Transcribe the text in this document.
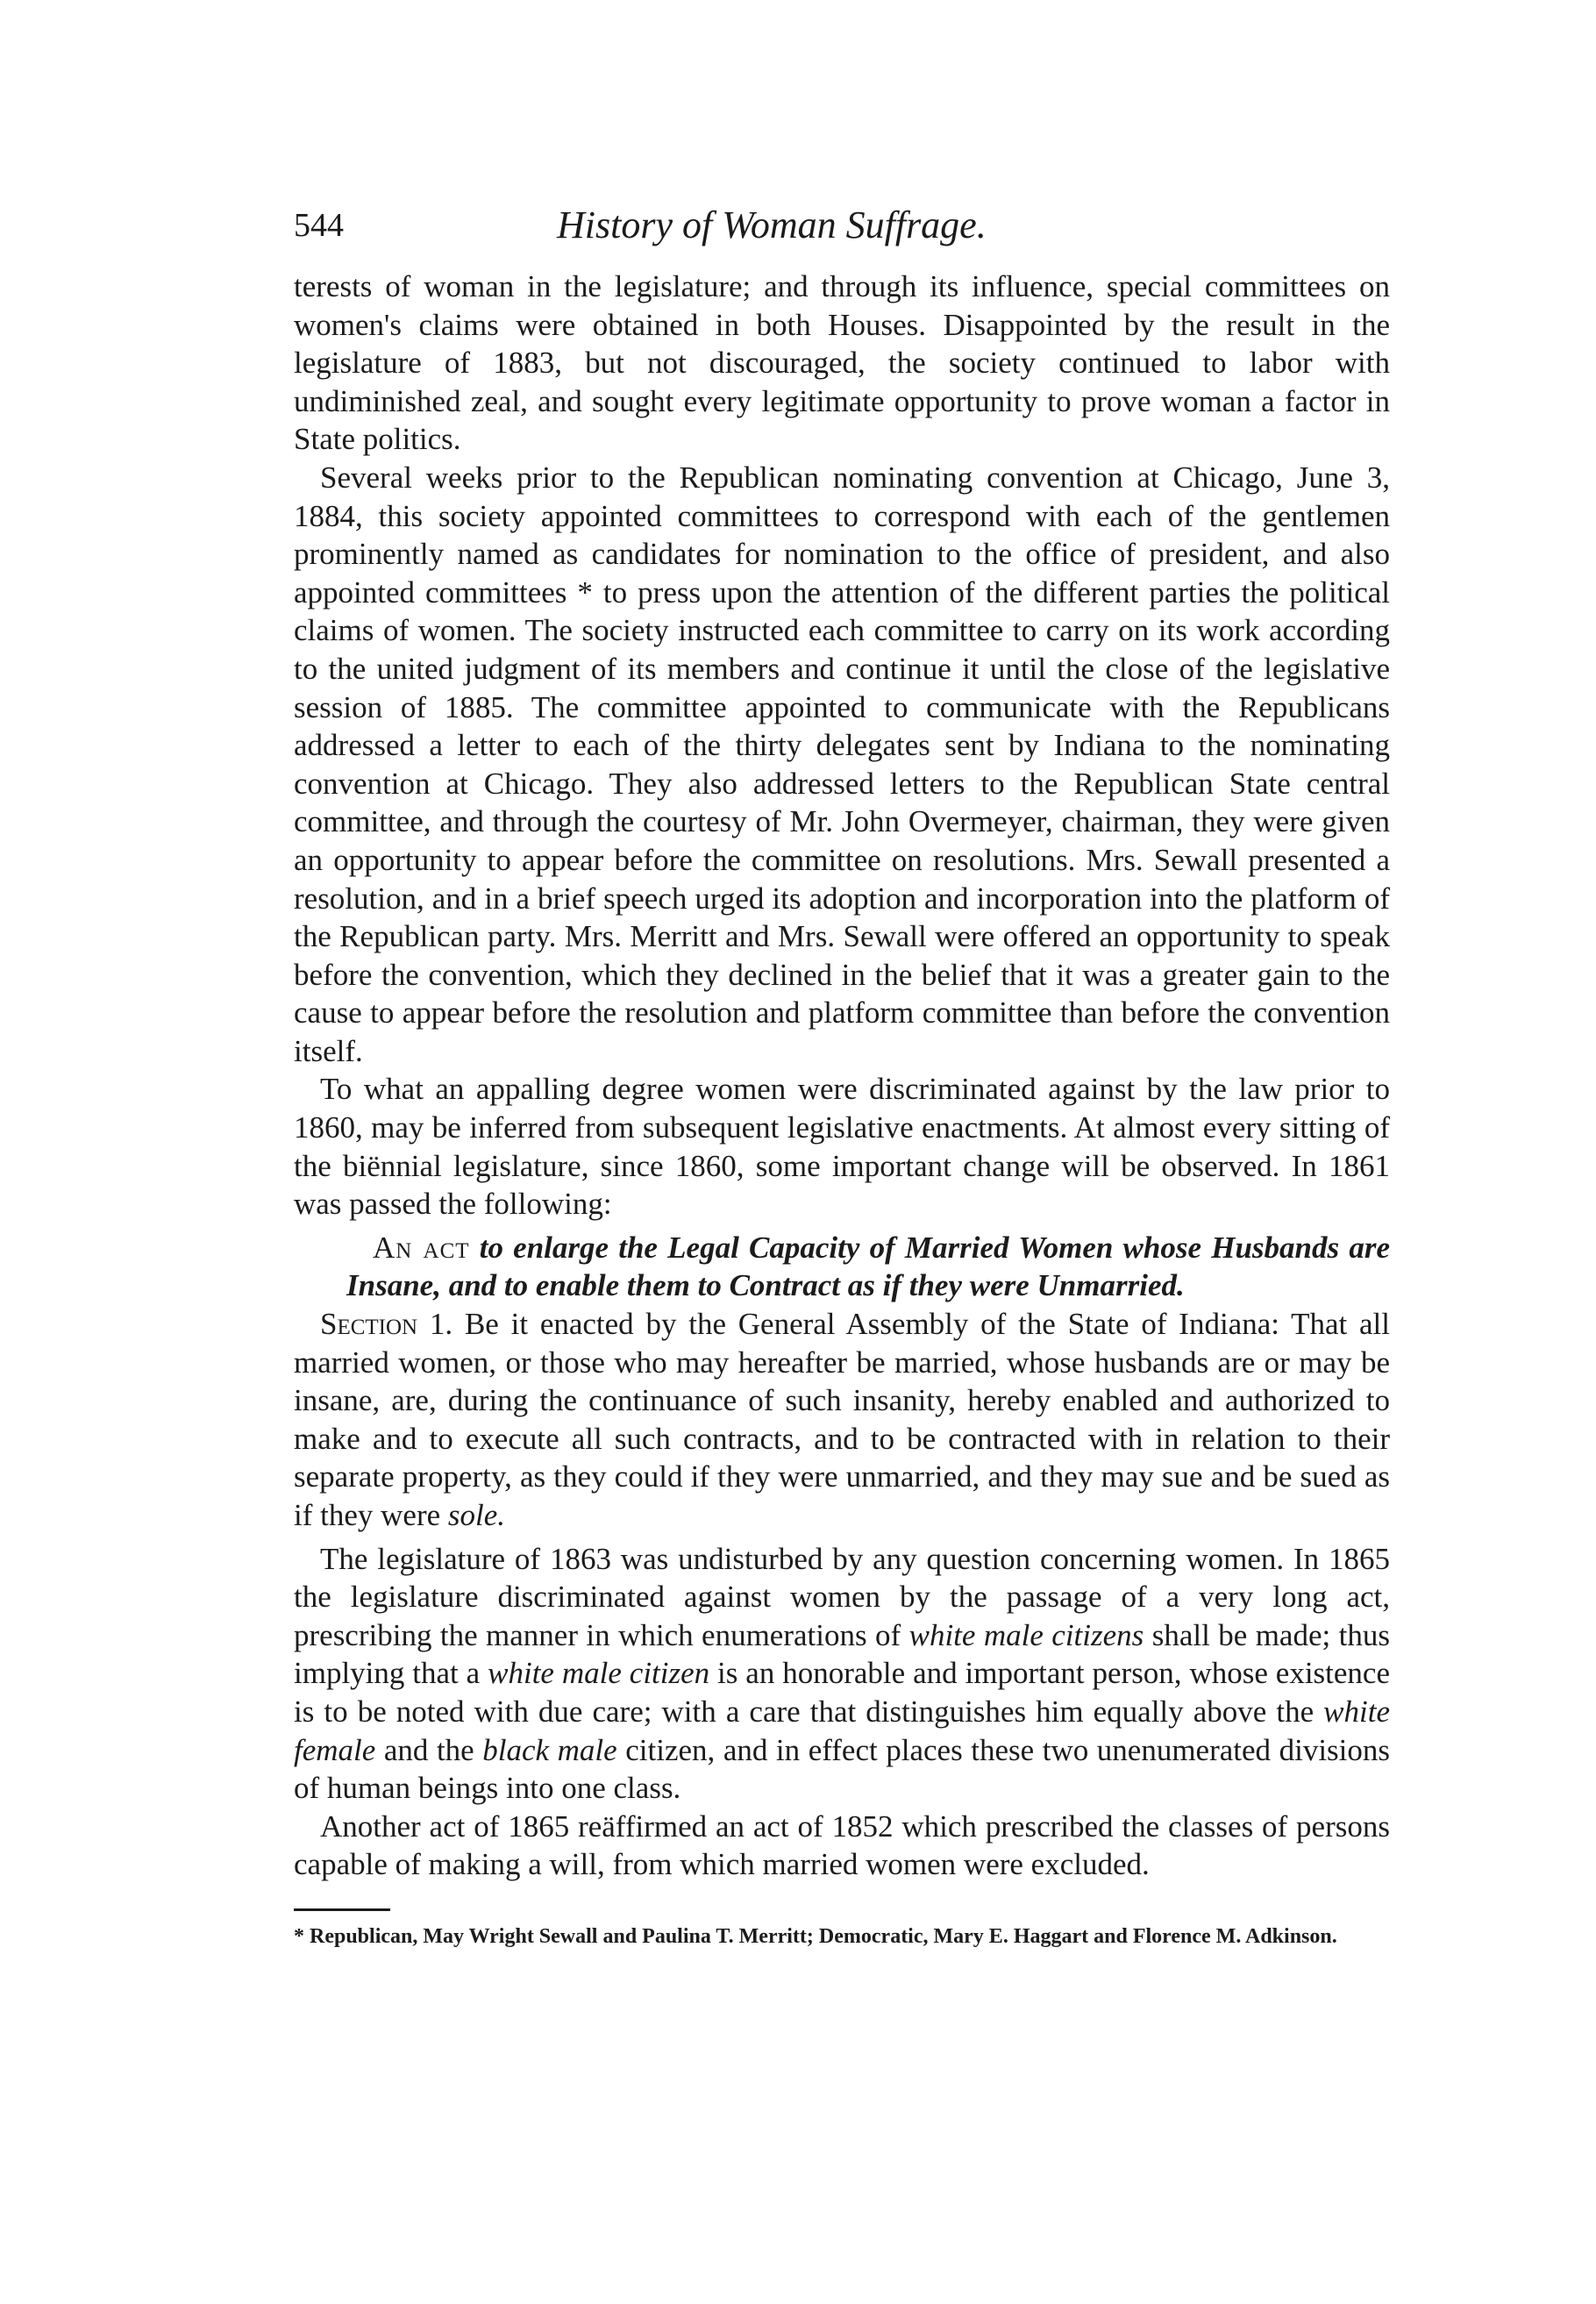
544	History of Woman Suffrage.

terests of woman in the legislature; and through its influence, special committees on women's claims were obtained in both Houses. Disappointed by the result in the legislature of 1883, but not discouraged, the society continued to labor with undiminished zeal, and sought every legitimate opportunity to prove woman a factor in State politics.

Several weeks prior to the Republican nominating convention at Chicago, June 3, 1884, this society appointed committees to correspond with each of the gentlemen prominently named as candidates for nomination to the office of president, and also appointed committees * to press upon the attention of the different parties the political claims of women. The society instructed each committee to carry on its work according to the united judgment of its members and continue it until the close of the legislative session of 1885. The committee appointed to communicate with the Republicans addressed a letter to each of the thirty delegates sent by Indiana to the nominating convention at Chicago. They also addressed letters to the Republican State central committee, and through the courtesy of Mr. John Overmeyer, chairman, they were given an opportunity to appear before the committee on resolutions. Mrs. Sewall presented a resolution, and in a brief speech urged its adoption and incorporation into the platform of the Republican party. Mrs. Merritt and Mrs. Sewall were offered an opportunity to speak before the convention, which they declined in the belief that it was a greater gain to the cause to appear before the resolution and platform committee than before the convention itself.

To what an appalling degree women were discriminated against by the law prior to 1860, may be inferred from subsequent legislative enactments. At almost every sitting of the biënnial legislature, since 1860, some important change will be observed. In 1861 was passed the following:

An act to enlarge the Legal Capacity of Married Women whose Husbands are Insane, and to enable them to Contract as if they were Unmarried.

Section 1. Be it enacted by the General Assembly of the State of Indiana: That all married women, or those who may hereafter be married, whose husbands are or may be insane, are, during the continuance of such insanity, hereby enabled and authorized to make and to execute all such contracts, and to be contracted with in relation to their separate property, as they could if they were unmarried, and they may sue and be sued as if they were sole.

The legislature of 1863 was undisturbed by any question concerning women. In 1865 the legislature discriminated against women by the passage of a very long act, prescribing the manner in which enumerations of white male citizens shall be made; thus implying that a white male citizen is an honorable and important person, whose existence is to be noted with due care; with a care that distinguishes him equally above the white female and the black male citizen, and in effect places these two unenumerated divisions of human beings into one class.

Another act of 1865 reäffirmed an act of 1852 which prescribed the classes of persons capable of making a will, from which married women were excluded.

* Republican, May Wright Sewall and Paulina T. Merritt; Democratic, Mary E. Haggart and Florence M. Adkinson.
